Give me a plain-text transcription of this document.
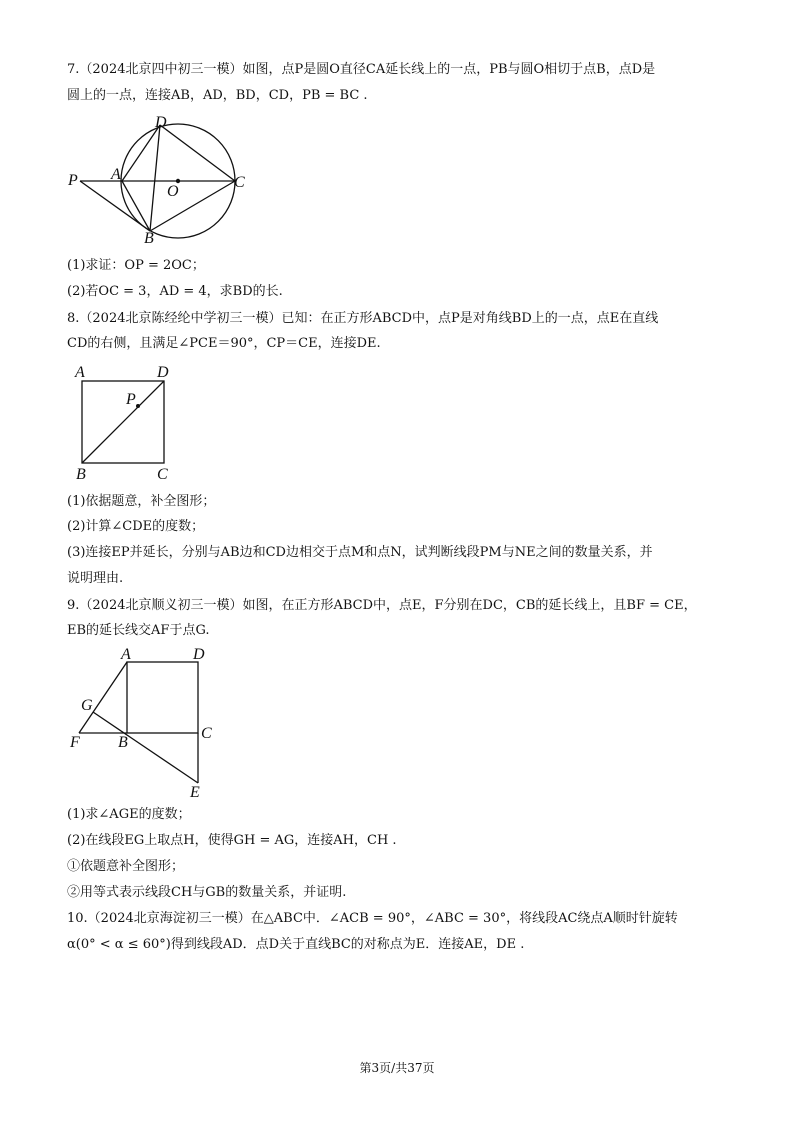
7.（2024北京四中初三一模）如图，点P是圆O直径CA延长线上的一点，PB与圆O相切于点B，点D是
圆上的一点，连接AB，AD，BD，CD，PB = BC .
P A
O
C
D
B
(1)求证：OP = 2OC；
(2)若OC = 3，AD = 4，求BD的长.
8.（2024北京陈经纶中学初三一模）已知：在正方形ABCD中，点P是对角线BD上的一点，点E在直线
CD的右侧，且满足∠PCE＝90°，CP＝CE，连接DE.
A	D
P
B	C
(1)依据题意，补全图形；
(2)计算∠CDE的度数；
(3)连接EP并延长，分别与AB边和CD边相交于点M和点N，试判断线段PM与NE之间的数量关系，并
说明理由.
9.（2024北京顺义初三一模）如图，在正方形ABCD中，点E，F分别在DC，CB的延长线上，且BF = CE，
EB的延长线交AF于点G.
A	D
G
F B
C
E
(1)求∠AGE的度数；
(2)在线段EG上取点H，使得GH = AG，连接AH，CH .
①依题意补全图形；
②用等式表示线段CH与GB的数量关系，并证明.
10.（2024北京海淀初三一模）在△ABC中．∠ACB = 90°，∠ABC = 30°，将线段AC绕点A顺时针旋转
α(0° < α ≤ 60°)得到线段AD．点D关于直线BC的对称点为E．连接AE，DE .
第3页/共37页
